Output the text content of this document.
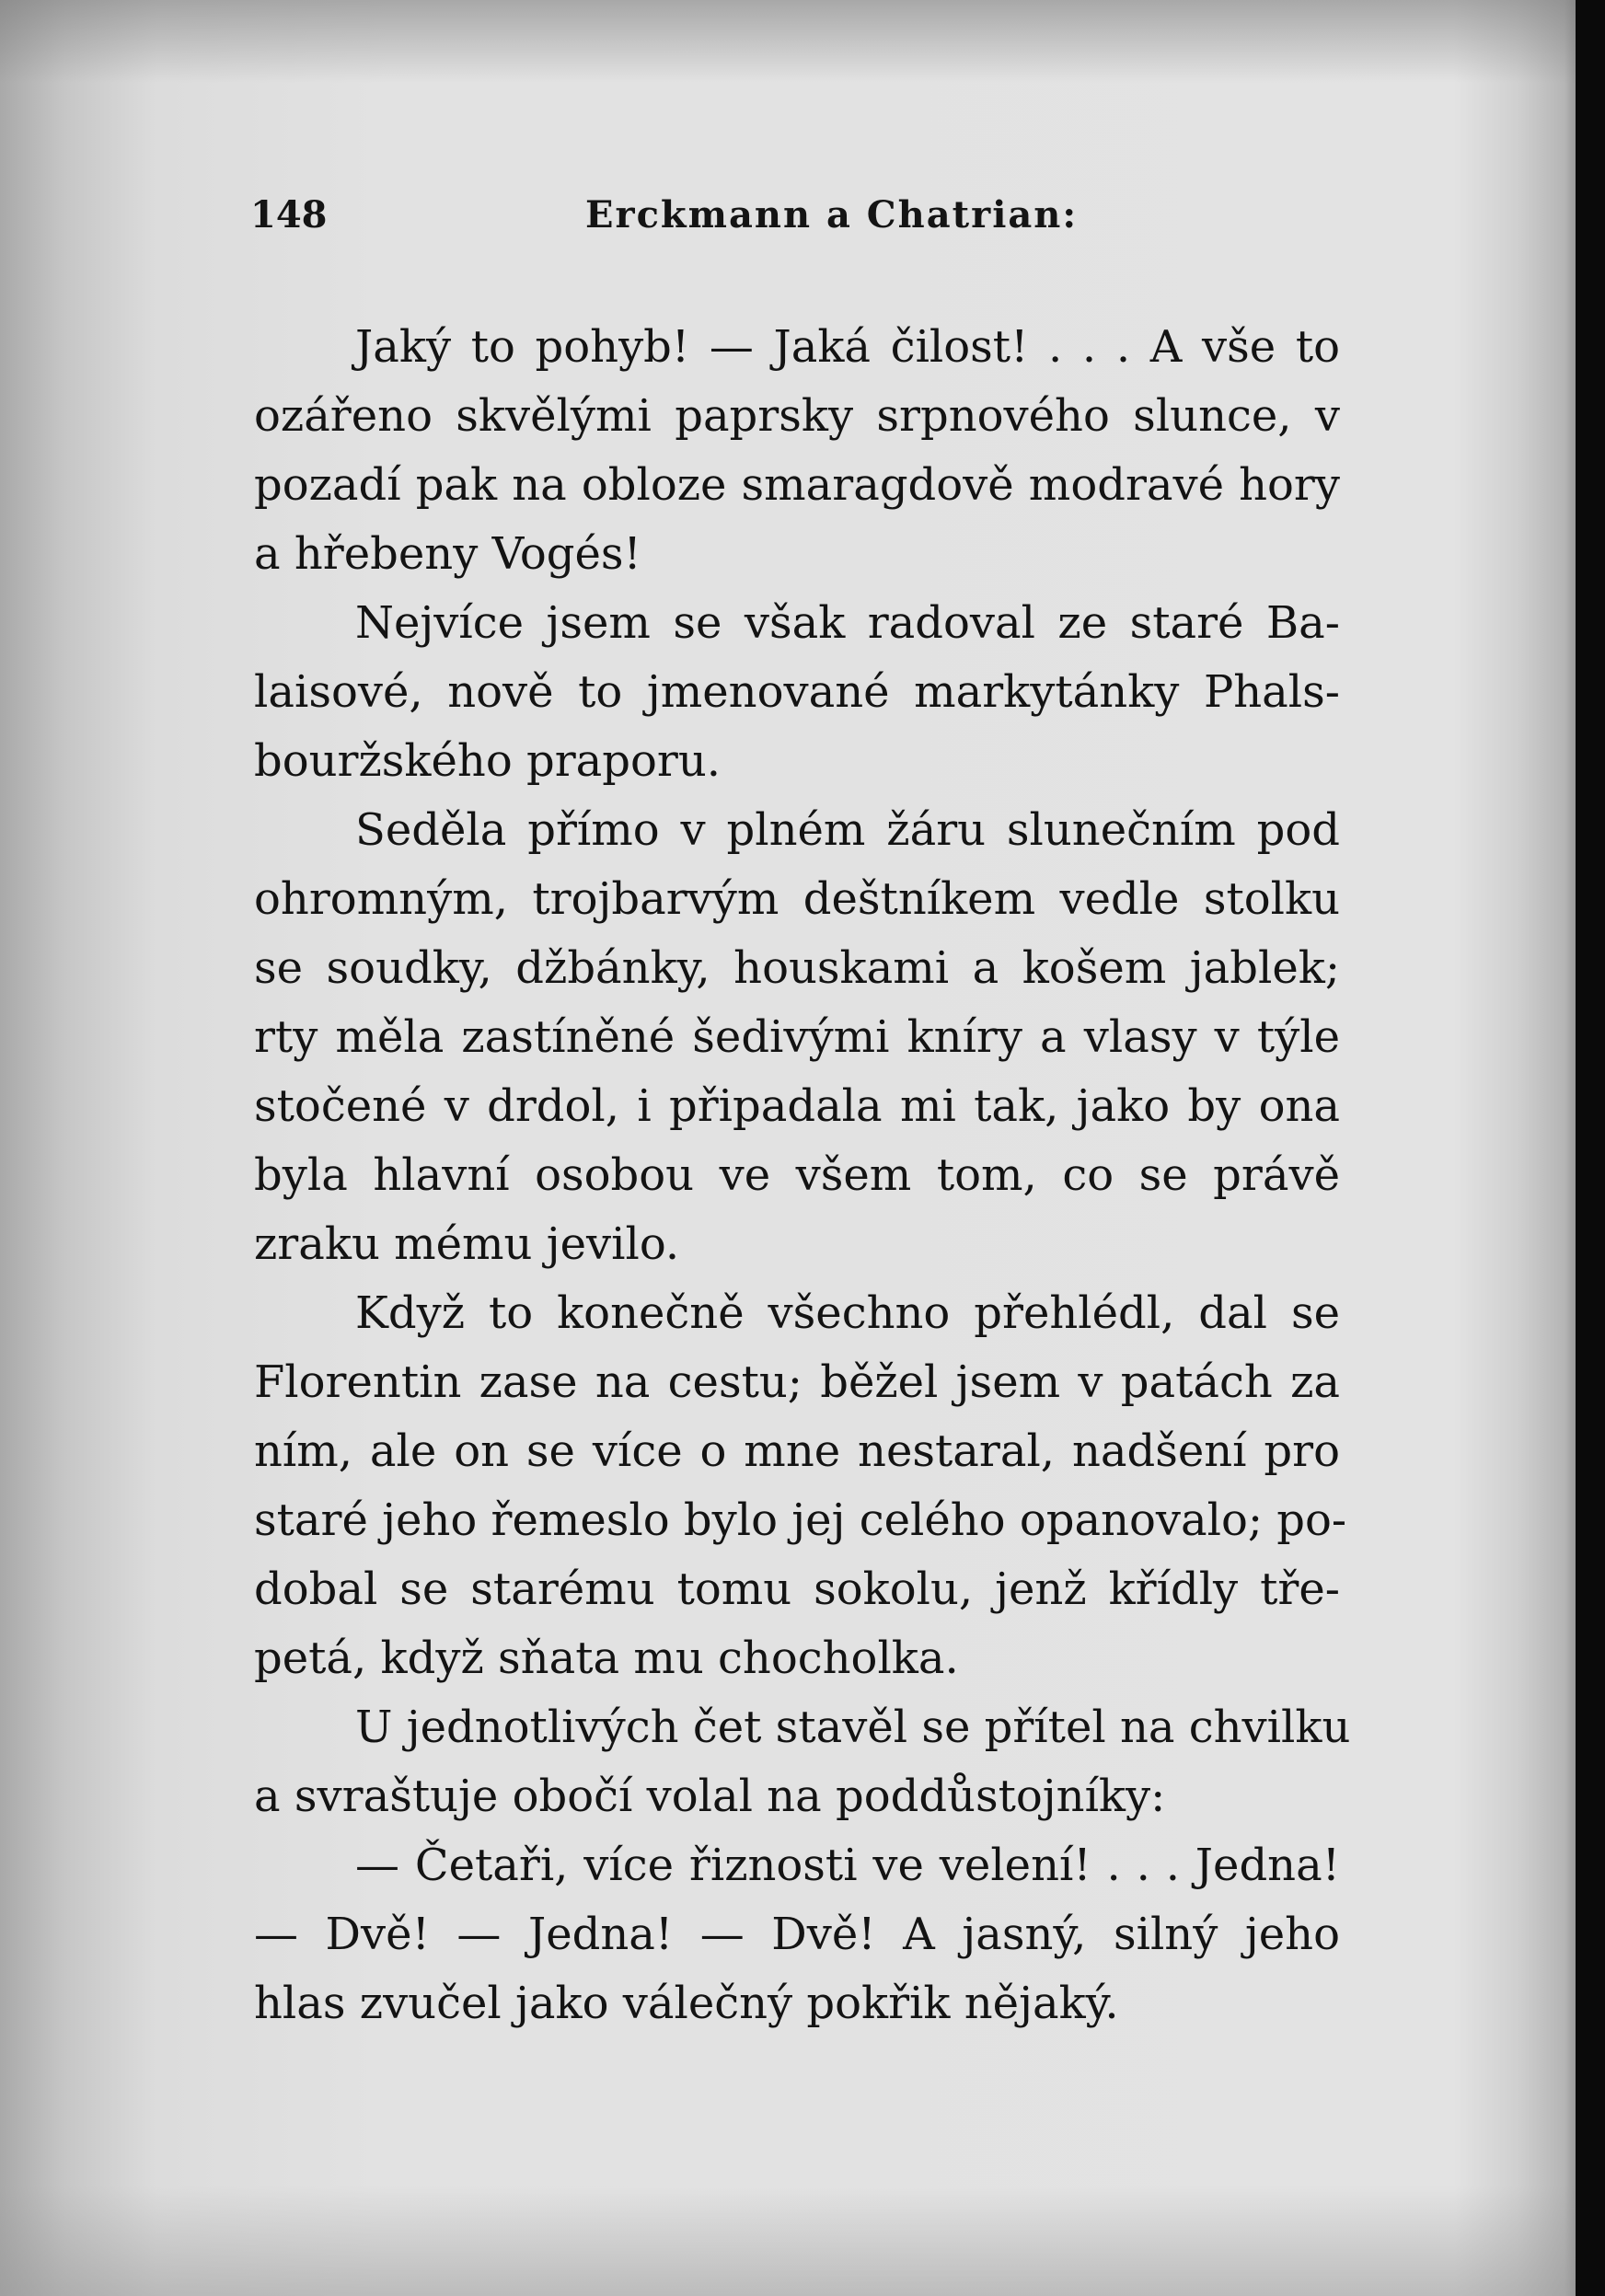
148	Erckmann a Chatrian:
Jaký to pohyb! — Jaká čilost! . . . A vše to
ozářeno skvělými paprsky srpnového slunce, v
pozadí pak na obloze smaragdově modravé hory
a hřebeny Vogés!
Nejvíce jsem se však radoval ze staré Ba-
laisové, nově to jmenované markytánky Phals-
bouržského praporu.
Seděla přímo v plném žáru slunečním pod
ohromným, trojbarvým deštníkem vedle stolku
se soudky, džbánky, houskami a košem jablek;
rty měla zastíněné šedivými kníry a vlasy v týle
stočené v drdol, i připadala mi tak, jako by ona
byla hlavní osobou ve všem tom, co se právě
zraku mému jevilo.
Když to konečně všechno přehlédl, dal se
Florentin zase na cestu; běžel jsem v patách za
ním, ale on se více o mne nestaral, nadšení pro
staré jeho řemeslo bylo jej celého opanovalo; po-
dobal se starému tomu sokolu, jenž křídly tře-
petá, když sňata mu chocholka.
U jednotlivých čet stavěl se přítel na chvilku
a svraštuje obočí volal na poddůstojníky:
— Četaři, více řiznosti ve velení! . . . Jedna!
— Dvě! — Jedna! — Dvě! A jasný, silný jeho
hlas zvučel jako válečný pokřik nějaký.
